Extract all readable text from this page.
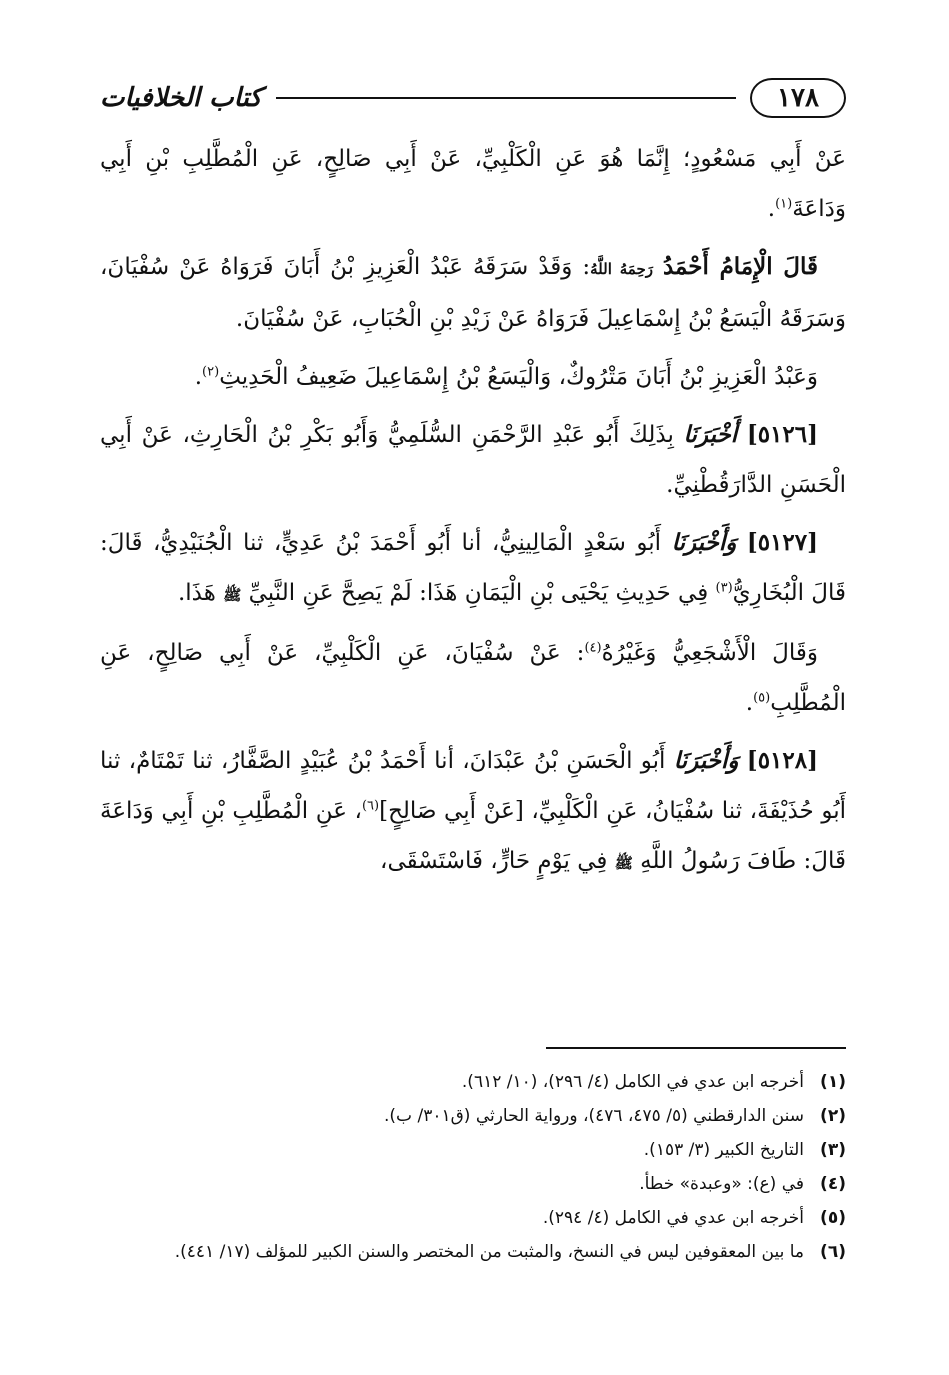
١٧٨
كتاب الخلافيات

عَنْ أَبِي مَسْعُودٍ؛ إِنَّمَا هُوَ عَنِ الْكَلْبِيِّ، عَنْ أَبِي صَالِحٍ، عَنِ الْمُطَّلِبِ بْنِ أَبِي وَدَاعَةَ$^{(١)}$.

قَالَ الْإِمَامُ أَحْمَدُ رَحِمَهُ اللَّهُ: وَقَدْ سَرَقَهُ عَبْدُ الْعَزِيزِ بْنُ أَبَانَ فَرَوَاهُ عَنْ سُفْيَانَ، وَسَرَقَهُ الْيَسَعُ بْنُ إِسْمَاعِيلَ فَرَوَاهُ عَنْ زَيْدِ بْنِ الْحُبَابِ، عَنْ سُفْيَانَ.

وَعَبْدُ الْعَزِيزِ بْنُ أَبَانَ مَتْرُوكٌ، وَالْيَسَعُ بْنُ إِسْمَاعِيلَ ضَعِيفُ الْحَدِيثِ$^{(٢)}$.

[٥١٢٦] أَخْبَرَنَا بِذَلِكَ أَبُو عَبْدِ الرَّحْمَنِ السُّلَمِيُّ وَأَبُو بَكْرِ بْنُ الْحَارِثِ، عَنْ أَبِي الْحَسَنِ الدَّارَقُطْنِيِّ.

[٥١٢٧] وَأَخْبَرَنَا أَبُو سَعْدٍ الْمَالِينِيُّ، أنا أَبُو أَحْمَدَ بْنُ عَدِيٍّ، ثنا الْجُنَيْدِيُّ، قَالَ: قَالَ الْبُخَارِيُّ$^{(٣)}$ فِي حَدِيثِ يَحْيَى بْنِ الْيَمَانِ هَذَا: لَمْ يَصِحَّ عَنِ النَّبِيِّ ﷺ هَذَا.

وَقَالَ الْأَشْجَعِيُّ وَغَيْرُهُ$^{(٤)}$: عَنْ سُفْيَانَ، عَنِ الْكَلْبِيِّ، عَنْ أَبِي صَالِحٍ، عَنِ الْمُطَّلِبِ$^{(٥)}$.

[٥١٢٨] وَأَخْبَرَنَا أَبُو الْحَسَنِ بْنُ عَبْدَانَ، أنا أَحْمَدُ بْنُ عُبَيْدٍ الصَّفَّارُ، ثنا تَمْتَامٌ، ثنا أَبُو حُذَيْفَةَ، ثنا سُفْيَانُ، عَنِ الْكَلْبِيِّ، [عَنْ أَبِي صَالِحٍ]$^{(٦)}$، عَنِ الْمُطَّلِبِ بْنِ أَبِي وَدَاعَةَ قَالَ: طَافَ رَسُولُ اللَّهِ ﷺ فِي يَوْمٍ حَارٍّ، فَاسْتَسْقَى،

(١)
أخرجه ابن عدي في الكامل (٤/ ٢٩٦)، (١٠/ ٦١٢).

(٢)
سنن الدارقطني (٥/ ٤٧٥، ٤٧٦)، ورواية الحارثي (ق٣٠١/ ب).

(٣)
التاريخ الكبير (٣/ ١٥٣).

(٤)
في (ع): «وعبدة» خطأ.

(٥)
أخرجه ابن عدي في الكامل (٤/ ٢٩٤).

(٦)
ما بين المعقوفين ليس في النسخ، والمثبت من المختصر والسنن الكبير للمؤلف (١٧/ ٤٤١).
